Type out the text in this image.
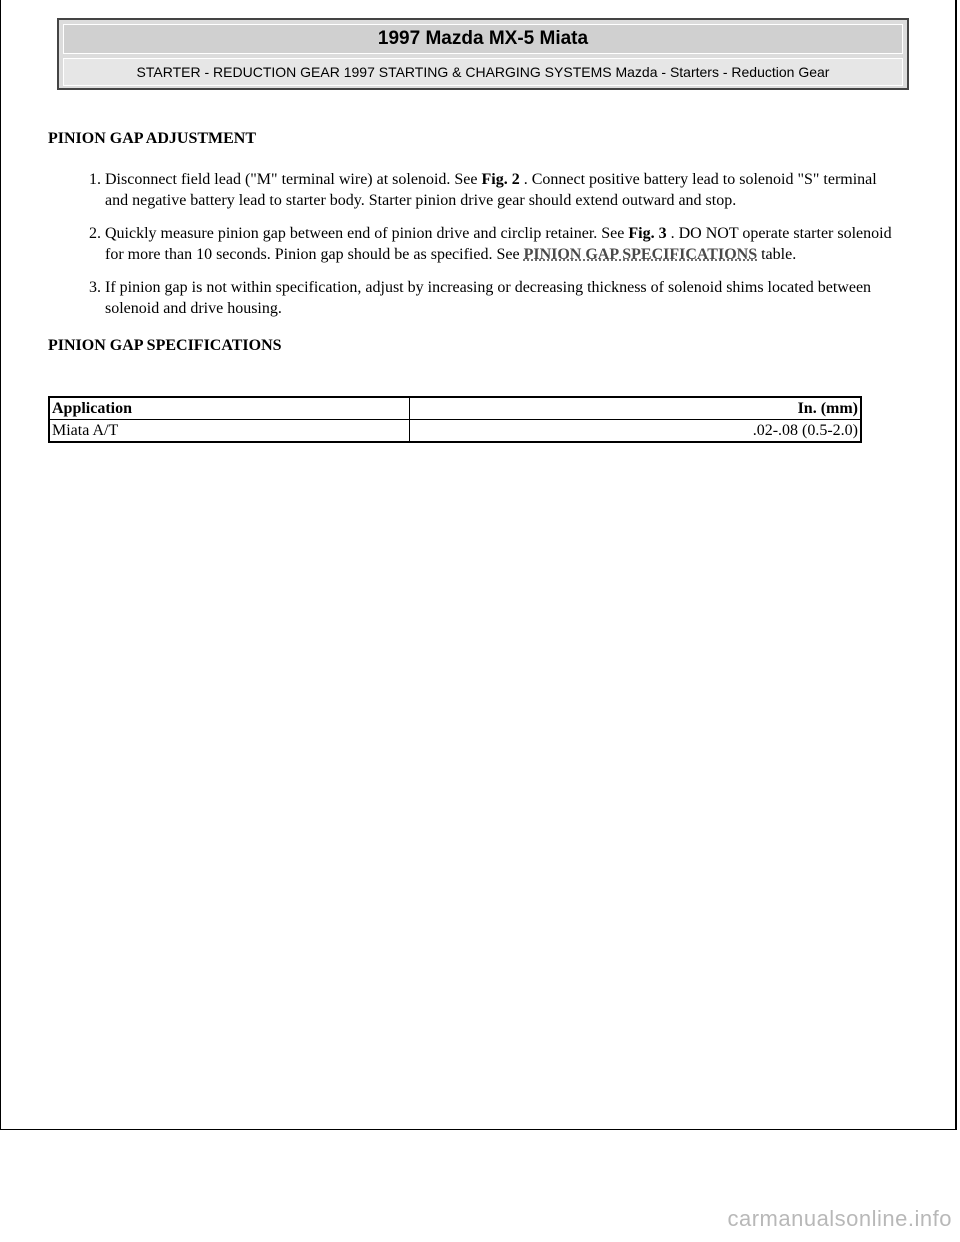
1997 Mazda MX-5 Miata
STARTER - REDUCTION GEAR 1997 STARTING & CHARGING SYSTEMS Mazda - Starters - Reduction Gear
PINION GAP ADJUSTMENT
1. Disconnect field lead ("M" terminal wire) at solenoid. See Fig. 2 . Connect positive battery lead to solenoid "S" terminal and negative battery lead to starter body. Starter pinion drive gear should extend outward and stop.
2. Quickly measure pinion gap between end of pinion drive and circlip retainer. See Fig. 3 . DO NOT operate starter solenoid for more than 10 seconds. Pinion gap should be as specified. See PINION GAP SPECIFICATIONS table.
3. If pinion gap is not within specification, adjust by increasing or decreasing thickness of solenoid shims located between solenoid and drive housing.
PINION GAP SPECIFICATIONS
Application	In. (mm)
Miata A/T	.02-.08 (0.5-2.0)
carmanualsonline.info
